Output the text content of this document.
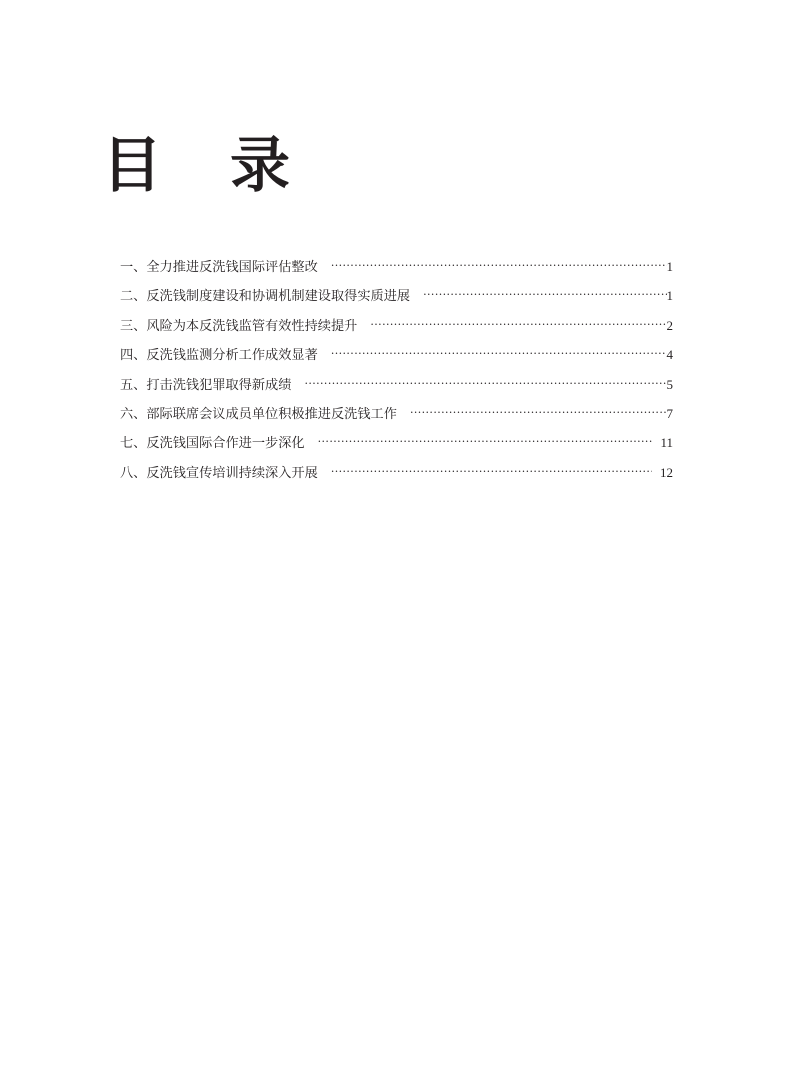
目	录
一、全力推进反洗钱国际评估整改 ·····	1
二、反洗钱制度建设和协调机制建设取得实质进展 ·····	1
三、风险为本反洗钱监管有效性持续提升 ·····	2
四、反洗钱监测分析工作成效显著 ·····	4
五、打击洗钱犯罪取得新成绩 ·····	5
六、部际联席会议成员单位积极推进反洗钱工作 ·····	7
七、反洗钱国际合作进一步深化 ·····	11
八、反洗钱宣传培训持续深入开展 ·····	12
